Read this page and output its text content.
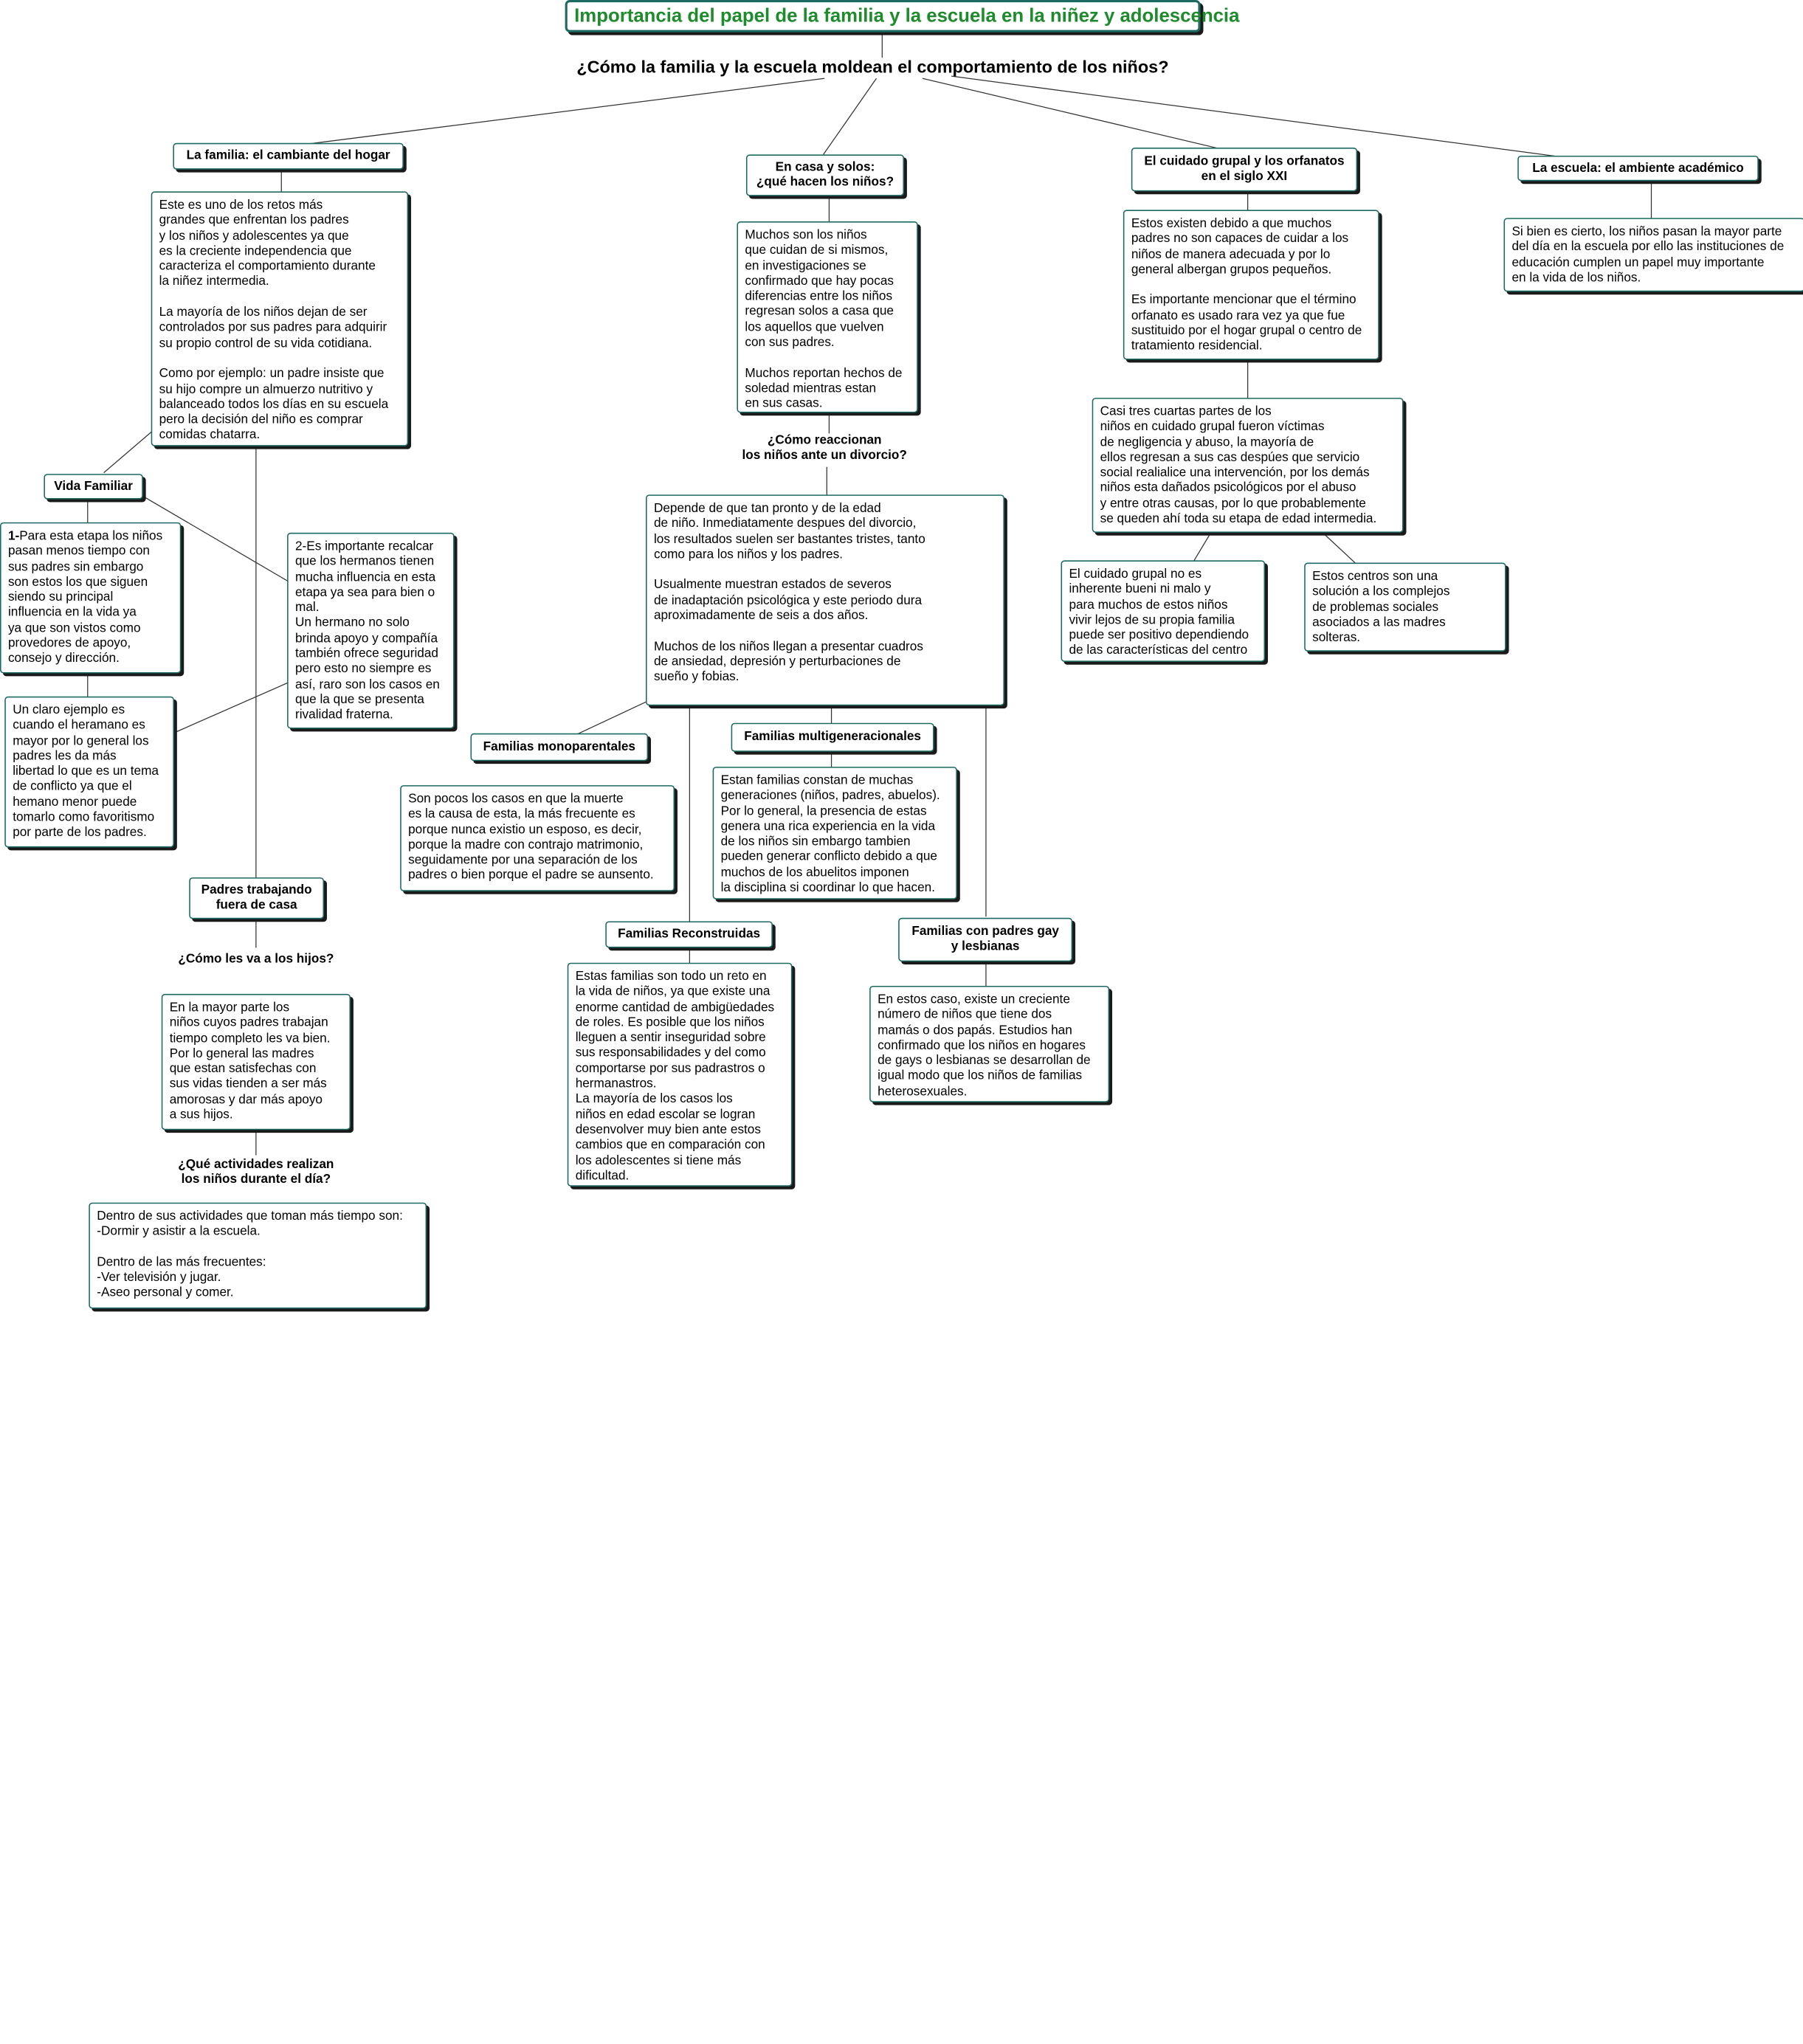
Importancia del papel de la familia y la escuela en la niñez y adolescencia
¿Cómo la familia y la escuela moldean el comportamiento de los niños?
La familia: el cambiante del hogar
Este es uno de los retos más
grandes que enfrentan los padres
y los niños y adolescentes ya que
es la creciente independencia que
caracteriza el comportamiento durante
la niñez intermedia.

La mayoría de los niños dejan de ser
controlados por sus padres para adquirir
su propio control de su vida cotidiana.

Como por ejemplo: un padre insiste que
su hijo compre un almuerzo nutritivo y
balanceado todos los días en su escuela
pero la decisión del niño es comprar
comidas chatarra.
Vida Familiar
1-Para esta etapa los niños
pasan menos tiempo con
sus padres sin embargo
son estos los que siguen
siendo su principal
influencia en la vida ya
ya que son vistos como
provedores de apoyo,
consejo y dirección.
2-Es importante recalcar
que los hermanos tienen
mucha influencia en esta
etapa ya sea para bien o
mal.
Un hermano no solo
brinda apoyo y compañía
también ofrece seguridad
pero esto no siempre es
así, raro son los casos en
que la que se presenta
rivalidad fraterna.
Un claro ejemplo es
cuando el heramano es
mayor por lo general los
padres les da más
libertad lo que es un tema
de conflicto ya que el
hemano menor puede
tomarlo como favoritismo
por parte de los padres.
Padres trabajando
fuera de casa
¿Cómo les va a los hijos?
En la mayor parte los
niños cuyos padres trabajan
tiempo completo les va bien.
Por lo general las madres
que estan satisfechas con
sus vidas tienden a ser más
amorosas y dar más apoyo
a sus hijos.
¿Qué actividades realizan
los niños durante el día?
Dentro de sus actividades que toman más tiempo son:
-Dormir y asistir a la escuela.

Dentro de las más frecuentes:
-Ver televisión y jugar.
-Aseo personal y comer.
En casa y solos:
¿qué hacen los niños?
Muchos son los niños
que cuidan de si mismos,
en investigaciones se
confirmado que hay pocas
diferencias entre los niños
regresan solos a casa que
los aquellos que vuelven
con sus padres.

Muchos reportan hechos de
soledad mientras estan
en sus casas.
¿Cómo reaccionan
los niños ante un divorcio?
Depende de que tan pronto y de la edad
de niño. Inmediatamente despues del divorcio,
los resultados suelen ser bastantes tristes, tanto
como para los niños y los padres.

Usualmente muestran estados de severos
de inadaptación psicológica y este periodo dura
aproximadamente de seis a dos años.

Muchos de los niños llegan a presentar cuadros
de ansiedad, depresión y perturbaciones de
sueño y fobias.
Familias monoparentales
Son pocos los casos en que la muerte
es la causa de esta, la más frecuente es
porque nunca existio un esposo, es decir,
porque la madre con contrajo matrimonio,
seguidamente por una separación de los
padres o bien porque el padre se aunsento.
Familias multigeneracionales
Estan familias constan de muchas
generaciones (niños, padres, abuelos).
Por lo general, la presencia de estas
genera una rica experiencia en la vida
de los niños sin embargo tambien
pueden generar conflicto debido a que
muchos de los abuelitos imponen
la disciplina si coordinar lo que hacen.
Familias Reconstruidas
Estas familias son todo un reto en
la vida de niños, ya que existe una
enorme cantidad de ambigüedades
de roles. Es posible que los niños
lleguen a sentir inseguridad sobre
sus responsabilidades y del como
comportarse por sus padrastros o
hermanastros.
La mayoría de los casos los
niños en edad escolar se logran
desenvolver muy bien ante estos
cambios que en comparación con
los adolescentes si tiene más
dificultad.
Familias con padres gay
y lesbianas
En estos caso, existe un creciente
número de niños que tiene dos
mamás o dos papás. Estudios han
confirmado que los niños en hogares
de gays o lesbianas se desarrollan de
igual modo que los niños de familias
heterosexuales.
El cuidado grupal y los orfanatos
en el siglo XXI
Estos existen debido a que muchos
padres no son capaces de cuidar a los
niños de manera adecuada y por lo
general albergan grupos pequeños.

Es importante mencionar que el término
orfanato es usado rara vez ya que fue
sustituido por el hogar grupal o centro de
tratamiento residencial.
Casi tres cuartas partes de los
niños en cuidado grupal fueron víctimas
de negligencia y abuso, la mayoría de
ellos regresan a sus cas despúes que servicio
social realialice una intervención, por los demás
niños esta dañados psicológicos por el abuso
y entre otras causas, por lo que probablemente
se queden ahí toda su etapa de edad intermedia.
El cuidado grupal no es
inherente bueni ni malo y
para muchos de estos niños
vivir lejos de su propia familia
puede ser positivo dependiendo
de las características del centro
Estos centros son una
solución a los complejos
de problemas sociales
asociados a las madres
solteras.
La escuela: el ambiente académico
Si bien es cierto, los niños pasan la mayor parte
del día en la escuela por ello las instituciones de
educación cumplen un papel muy importante
en la vida de los niños.
